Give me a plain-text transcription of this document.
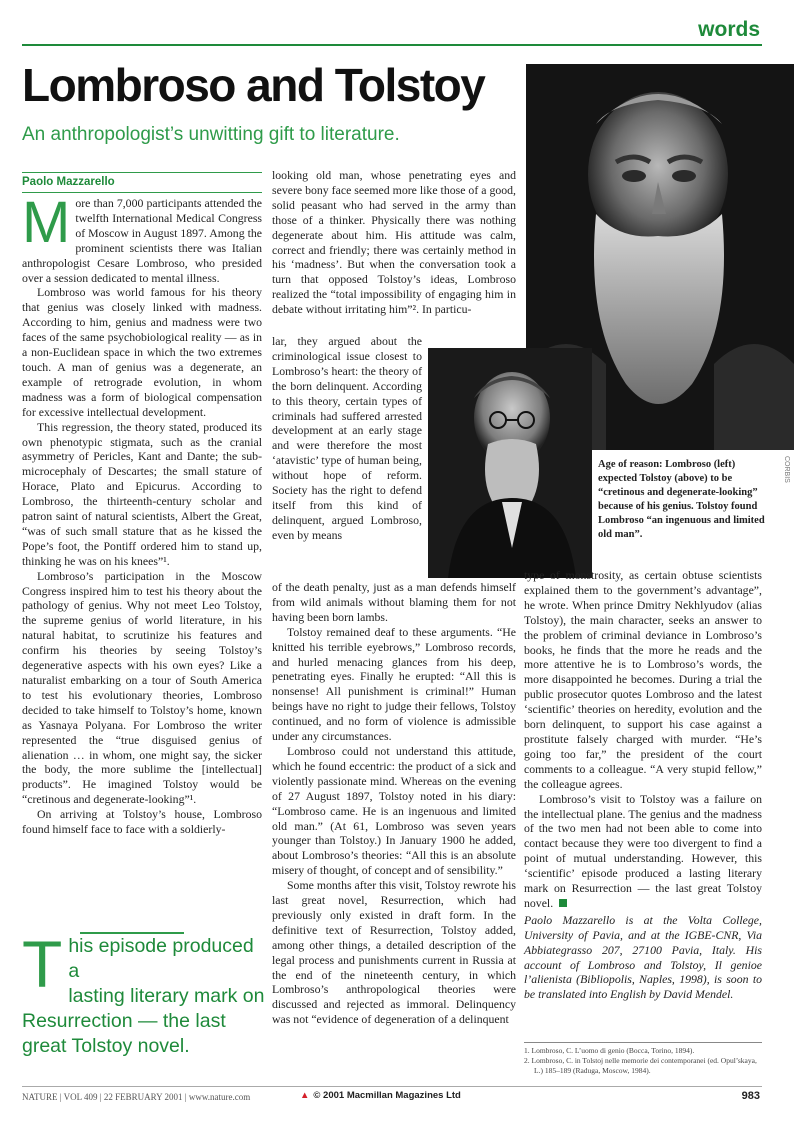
words
Lombroso and Tolstoy
An anthropologist’s unwitting gift to literature.
CORBIS
Age of reason: Lombroso (left) expected Tolstoy (above) to be “cretinous and degenerate-looking” because of his genius. Tolstoy found Lombroso “an ingenuous and limited old man”.
Paolo Mazzarello

More than 7,000 participants attended the twelfth International Medical Congress of Moscow in August 1897. Among the prominent scientists there was Italian anthropologist Cesare Lombroso, who presided over a session dedicated to mental illness.

Lombroso was world famous for his theory that genius was closely linked with madness. According to him, genius and madness were two faces of the same psychobiological reality — as in a non-Euclidean space in which the two extremes touch. A man of genius was a degenerate, an example of retrograde evolution, in whom madness was a form of biological compensation for excessive intellectual development.

This regression, the theory stated, produced its own phenotypic stigmata, such as the cranial asymmetry of Pericles, Kant and Dante; the sub-microcephaly of Descartes; the small stature of Horace, Plato and Epicurus. According to Lombroso, the thirteenth-century scholar and patron saint of natural scientists, Albert the Great, “was of such small stature that as he kissed the Pope’s foot, the Pontiff ordered him to stand up, thinking he was on his knees”¹.

Lombroso’s participation in the Moscow Congress inspired him to test his theory about the pathology of genius. Why not meet Leo Tolstoy, the supreme genius of world literature, in his natural habitat, to scrutinize his features and confirm his theories by seeing Tolstoy’s degenerative aspects with his own eyes? Like a naturalist embarking on a tour of South America to test his evolutionary theories, Lombroso decided to take himself to Tolstoy’s home, known as Yasnaya Polyana. For Lombroso the writer represented the “true disguised genius of alienation … in whom, one might say, the sicker the body, the more sublime the [intellectual] products”. He imagined Tolstoy would be “cretinous and degenerate-looking”¹.

On arriving at Tolstoy’s house, Lombroso found himself face to face with a soldierly-

looking old man, whose penetrating eyes and severe bony face seemed more like those of a good, solid peasant who had served in the army than those of a thinker. Physically there was nothing degenerate about him. His attitude was calm, correct and friendly; there was certainly method in his ‘madness’. But when the conversation took a turn that opposed Tolstoy’s ideas, Lombroso realized the “total impossibility of engaging him in debate without irritating him”². In particu-

lar, they argued about the criminological issue closest to Lombroso’s heart: the theory of the born delinquent. According to this theory, certain types of criminals had suffered arrested development at an early stage and were therefore the most ‘atavistic’ type of human being, without hope of reform. Society has the right to defend itself from this kind of delinquent, argued Lombroso, even by means

of the death penalty, just as a man defends himself from wild animals without blaming them for not having been born lambs.

Tolstoy remained deaf to these arguments. “He knitted his terrible eyebrows,” Lombroso records, and hurled menacing glances from his deep, penetrating eyes. Finally he erupted: “All this is nonsense! All punishment is criminal!” Human beings have no right to judge their fellows, Tolstoy continued, and no form of violence is admissible under any circumstances.

Lombroso could not understand this attitude, which he found eccentric: the product of a sick and violently passionate mind. Whereas on the evening of 27 August 1897, Tolstoy noted in his diary: “Lombroso came. He is an ingenuous and limited old man.” (At 61, Lombroso was seven years younger than Tolstoy.) In January 1900 he added, about Lombroso’s theories: “All this is an absolute misery of thought, of concept and of sensibility.”

Some months after this visit, Tolstoy rewrote his last great novel, Resurrection, which had previously only existed in draft form. In the definitive text of Resurrection, Tolstoy added, among other things, a detailed description of the legal process and punishments current in Russia at the end of the nineteenth century, in which Lombroso’s anthropological theories were discussed and rejected as immoral. Delinquency was not “evidence of degeneration of a delinquent

type of monstrosity, as certain obtuse scientists explained them to the government’s advantage”, he wrote. When prince Dmitry Nekhlyudov (alias Tolstoy), the main character, seeks an answer to the problem of criminal deviance in Lombroso’s books, he finds that the more he reads and the more attentive he is to Lombroso’s words, the more disappointed he becomes. During a trial the public prosecutor quotes Lombroso and the latest ‘scientific’ theories on heredity, evolution and the born delinquent, to support his case against a prostitute falsely charged with murder. “He’s going too far,” the president of the court comments to a colleague. “A very stupid fellow,” the colleague agrees.

Lombroso’s visit to Tolstoy was a failure on the intellectual plane. The genius and the madness of the two men had not been able to come into contact because they were too divergent to find a point of mutual understanding. However, this ‘scientific’ episode produced a lasting literary mark on Resurrection — the last great Tolstoy novel.

Paolo Mazzarello is at the Volta College, University of Pavia, and at the IGBE-CNR, Via Abbiategrasso 207, 27100 Pavia, Italy. His account of Lombroso and Tolstoy, Il genioe l’alienista (Bibliopolis, Naples, 1998), is soon to be translated into English by David Mendel.

T his episode produced a
lasting literary mark on Resurrection — the last great Tolstoy novel.	1. Lombroso, C. L’uomo di genio (Bocca, Torino, 1894).
2. Lombroso, C. in Tolstoj nelle memorie dei contemporanei (ed. Opul’skaya, L.) 185–189 (Raduga, Moscow, 1984).
NATURE | VOL 409 | 22 FEBRUARY 2001 | www.nature.com	▲ © 2001 Macmillan Magazines Ltd	983
